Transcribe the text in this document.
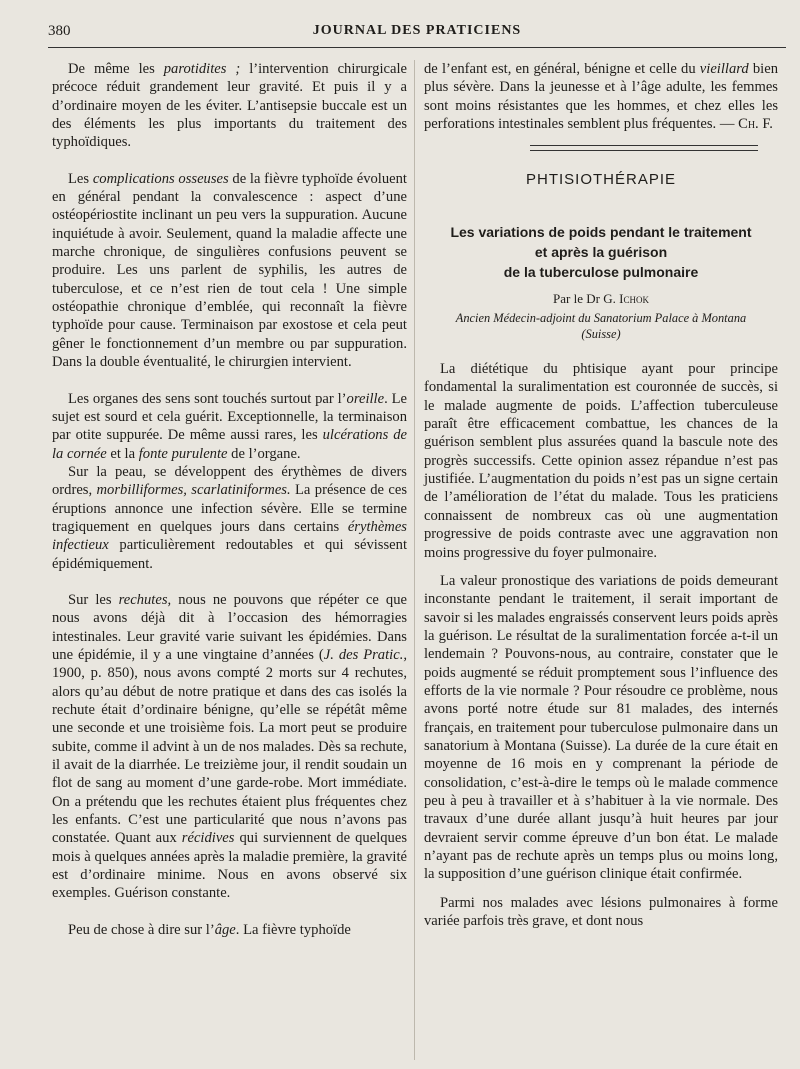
380	JOURNAL DES PRATICIENS

De même les parotidites ; l’intervention chirurgicale précoce réduit grandement leur gravité. Et puis il y a d’ordinaire moyen de les éviter. L’antisepsie buccale est un des éléments les plus importants du traitement des typhoïdiques.

Les complications osseuses de la fièvre typhoïde évoluent en général pendant la convalescence : aspect d’une ostéopériostite inclinant un peu vers la suppuration. Aucune inquiétude à avoir. Seulement, quand la maladie affecte une marche chronique, de singulières confusions peuvent se produire. Les uns parlent de syphilis, les autres de tuberculose, et ce n’est rien de tout cela ! Une simple ostéopathie chronique d’emblée, qui reconnaît la fièvre typhoïde pour cause. Terminaison par exostose et cela peut gêner le fonctionnement d’un membre ou par suppuration. Dans la double éventualité, le chirurgien intervient.

Les organes des sens sont touchés surtout par l’oreille. Le sujet est sourd et cela guérit. Exceptionnelle, la terminaison par otite suppurée. De même aussi rares, les ulcérations de la cornée et la fonte purulente de l’organe.

Sur la peau, se développent des érythèmes de divers ordres, morbilliformes, scarlatiniformes. La présence de ces éruptions annonce une infection sévère. Elle se termine tragiquement en quelques jours dans certains érythèmes infectieux particulièrement redoutables et qui sévissent épidémiquement.

Sur les rechutes, nous ne pouvons que répéter ce que nous avons déjà dit à l’occasion des hémorragies intestinales. Leur gravité varie suivant les épidémies. Dans une épidémie, il y a une vingtaine d’années (J. des Pratic., 1900, p. 850), nous avons compté 2 morts sur 4 rechutes, alors qu’au début de notre pratique et dans des cas isolés la rechute était d’ordinaire bénigne, qu’elle se répétât même une seconde et une troisième fois. La mort peut se produire subite, comme il advint à un de nos malades. Dès sa rechute, il avait de la diarrhée. Le treizième jour, il rendit soudain un flot de sang au moment d’une garde-robe. Mort immédiate. On a prétendu que les rechutes étaient plus fréquentes chez les enfants. C’est une particularité que nous n’avons pas constatée. Quant aux récidives qui surviennent de quelques mois à quelques années après la maladie première, la gravité est d’ordinaire minime. Nous en avons observé six exemples. Guérison constante.

Peu de chose à dire sur l’âge. La fièvre typhoïde

de l’enfant est, en général, bénigne et celle du vieillard bien plus sévère. Dans la jeunesse et à l’âge adulte, les femmes sont moins résistantes que les hommes, et chez elles les perforations intestinales semblent plus fréquentes. — Ch. F.

PHTISIOTHÉRAPIE
Les variations de poids pendant le traitement
et après la guérison
de la tuberculose pulmonaire
Par le Dr G. Ichok
Ancien Médecin-adjoint du Sanatorium Palace à Montana
(Suisse)

La diététique du phtisique ayant pour principe fondamental la suralimentation est couronnée de succès, si le malade augmente de poids. L’affection tuberculeuse paraît être efficacement combattue, les chances de la guérison semblent plus assurées quand la bascule note des progrès successifs. Cette opinion assez répandue n’est pas justifiée. L’augmentation du poids n’est pas un signe certain de l’amélioration de l’état du malade. Tous les praticiens connaissent de nombreux cas où une augmentation progressive de poids contraste avec une aggravation non moins progressive du foyer pulmonaire.

La valeur pronostique des variations de poids demeurant inconstante pendant le traitement, il serait important de savoir si les malades engraissés conservent leurs poids après la guérison. Le résultat de la suralimentation forcée a-t-il un lendemain ? Pouvons-nous, au contraire, constater que le poids augmenté se réduit promptement sous l’influence des efforts de la vie normale ? Pour résoudre ce problème, nous avons porté notre étude sur 81 malades, des internés français, en traitement pour tuberculose pulmonaire dans un sanatorium à Montana (Suisse). La durée de la cure était en moyenne de 16 mois en y comprenant la période de consolidation, c’est-à-dire le temps où le malade commence peu à peu à travailler et à s’habituer à la vie normale. Des travaux d’une durée allant jusqu’à huit heures par jour devraient servir comme épreuve d’un bon état. Le malade n’ayant pas de rechute après un temps plus ou moins long, la supposition d’une guérison clinique était confirmée.

Parmi nos malades avec lésions pulmonaires à forme variée parfois très grave, et dont nous
